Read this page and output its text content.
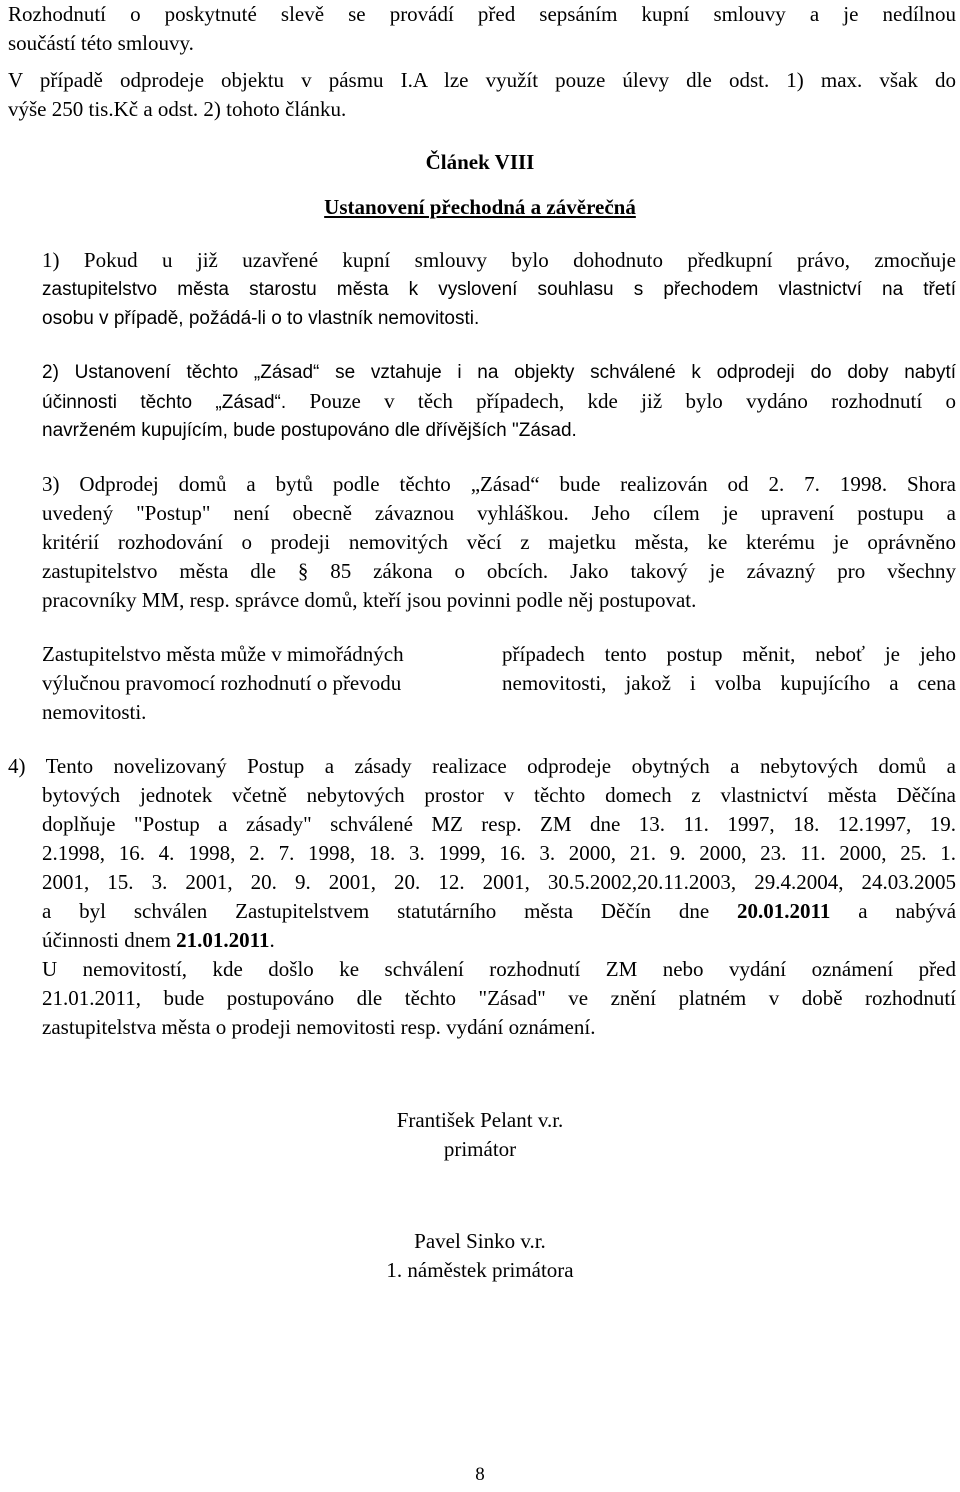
Rozhodnutí o poskytnuté slevě se provádí před sepsáním kupní smlouvy a je nedílnou
součástí této smlouvy.
V případě odprodeje objektu v pásmu I.A lze využít pouze úlevy dle odst. 1) max. však do
výše 250 tis.Kč a odst. 2) tohoto článku.
Článek VIII
Ustanovení přechodná a závěrečná
1) Pokud u již uzavřené kupní smlouvy bylo dohodnuto předkupní právo, zmocňuje
zastupitelstvo města starostu města k vyslovení souhlasu s přechodem vlastnictví na třetí
osobu v případě, požádá-li o to vlastník nemovitosti.
2) Ustanovení těchto „Zásad“ se vztahuje i na objekty schválené k odprodeji do doby nabytí
účinnosti těchto „Zásad“. Pouze v těch případech, kde již bylo vydáno rozhodnutí o
navrženém kupujícím, bude postupováno dle dřívějších "Zásad.
3) Odprodej domů a bytů podle těchto „Zásad“ bude realizován od 2. 7. 1998. Shora
uvedený "Postup" není obecně závaznou vyhláškou. Jeho cílem je upravení postupu a
kritérií rozhodování o prodeji nemovitých věcí z majetku města, ke kterému je oprávněno
zastupitelstvo města dle § 85 zákona o obcích. Jako takový je závazný pro všechny
pracovníky MM, resp. správce domů, kteří jsou povinni podle něj postupovat.
Zastupitelstvo města může v mimořádných
výlučnou pravomocí rozhodnutí o převodu
nemovitosti.
případech tento postup měnit, neboť je jeho
nemovitosti, jakož i volba kupujícího a cena
4) Tento novelizovaný Postup a zásady realizace odprodeje obytných a nebytových domů a
bytových jednotek včetně nebytových prostor v těchto domech z vlastnictví města Děčína
doplňuje "Postup a zásady" schválené MZ resp. ZM dne 13. 11. 1997, 18. 12.1997, 19.
2.1998, 16. 4. 1998, 2. 7. 1998, 18. 3. 1999, 16. 3. 2000, 21. 9. 2000, 23. 11. 2000, 25. 1.
2001, 15. 3. 2001, 20. 9. 2001, 20. 12. 2001, 30.5.2002,20.11.2003, 29.4.2004, 24.03.2005
a byl schválen Zastupitelstvem statutárního města Děčín dne 20.01.2011 a nabývá
účinnosti dnem 21.01.2011.
U nemovitostí, kde došlo ke schválení rozhodnutí ZM nebo vydání oznámení před
21.01.2011, bude postupováno dle těchto "Zásad" ve znění platném v době rozhodnutí
zastupitelstva města o prodeji nemovitosti resp. vydání oznámení.
František Pelant v.r.
primátor
Pavel Sinko v.r.
1. náměstek primátora
8
